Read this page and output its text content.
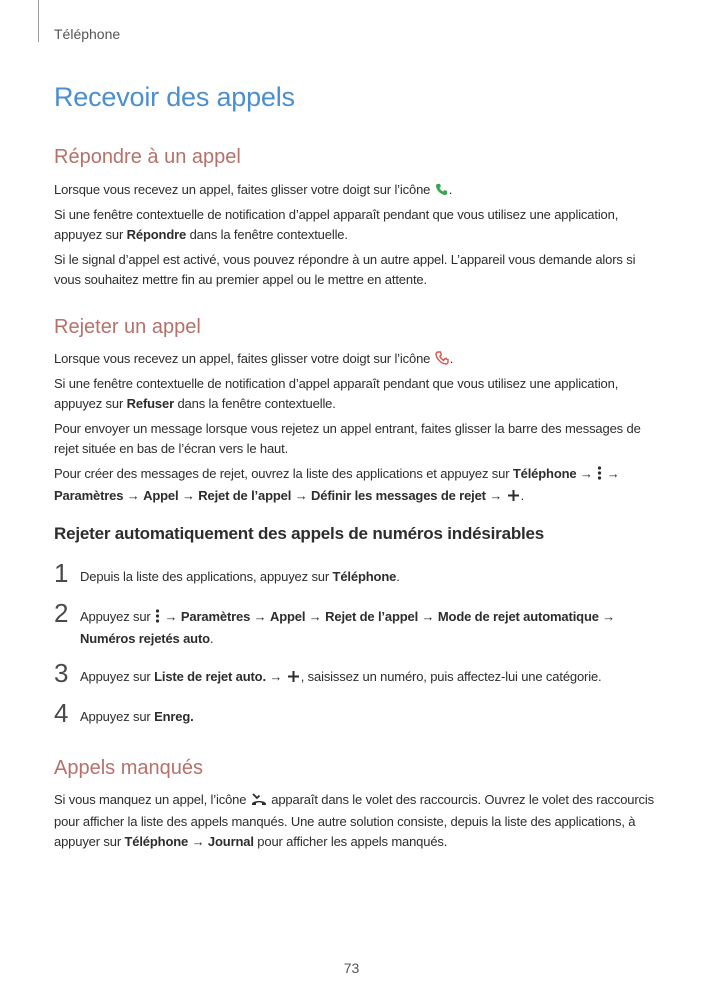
Téléphone
Recevoir des appels
Répondre à un appel

Lorsque vous recevez un appel, faites glisser votre doigt sur l’icône .

Si une fenêtre contextuelle de notification d’appel apparaît pendant que vous utilisez une application, appuyez sur Répondre dans la fenêtre contextuelle.

Si le signal d’appel est activé, vous pouvez répondre à un autre appel. L’appareil vous demande alors si vous souhaitez mettre fin au premier appel ou le mettre en attente.

Rejeter un appel

Lorsque vous recevez un appel, faites glisser votre doigt sur l’icône .

Si une fenêtre contextuelle de notification d’appel apparaît pendant que vous utilisez une application, appuyez sur Refuser dans la fenêtre contextuelle.

Pour envoyer un message lorsque vous rejetez un appel entrant, faites glisser la barre des messages de rejet située en bas de l’écran vers le haut.

Pour créer des messages de rejet, ouvrez la liste des applications et appuyez sur Téléphone →  → Paramètres → Appel → Rejet de l’appel → Définir les messages de rejet → .

Rejeter automatiquement des appels de numéros indésirables
1 Depuis la liste des applications, appuyez sur Téléphone.

2 Appuyez sur  → Paramètres → Appel → Rejet de l’appel → Mode de rejet automatique → Numéros rejetés auto.

3 Appuyez sur Liste de rejet auto. → , saisissez un numéro, puis affectez-lui une catégorie.

4 Appuyez sur Enreg.

Appels manqués

Si vous manquez un appel, l’icône  apparaît dans le volet des raccourcis. Ouvrez le volet des raccourcis pour afficher la liste des appels manqués. Une autre solution consiste, depuis la liste des applications, à appuyer sur Téléphone → Journal pour afficher les appels manqués.

73
